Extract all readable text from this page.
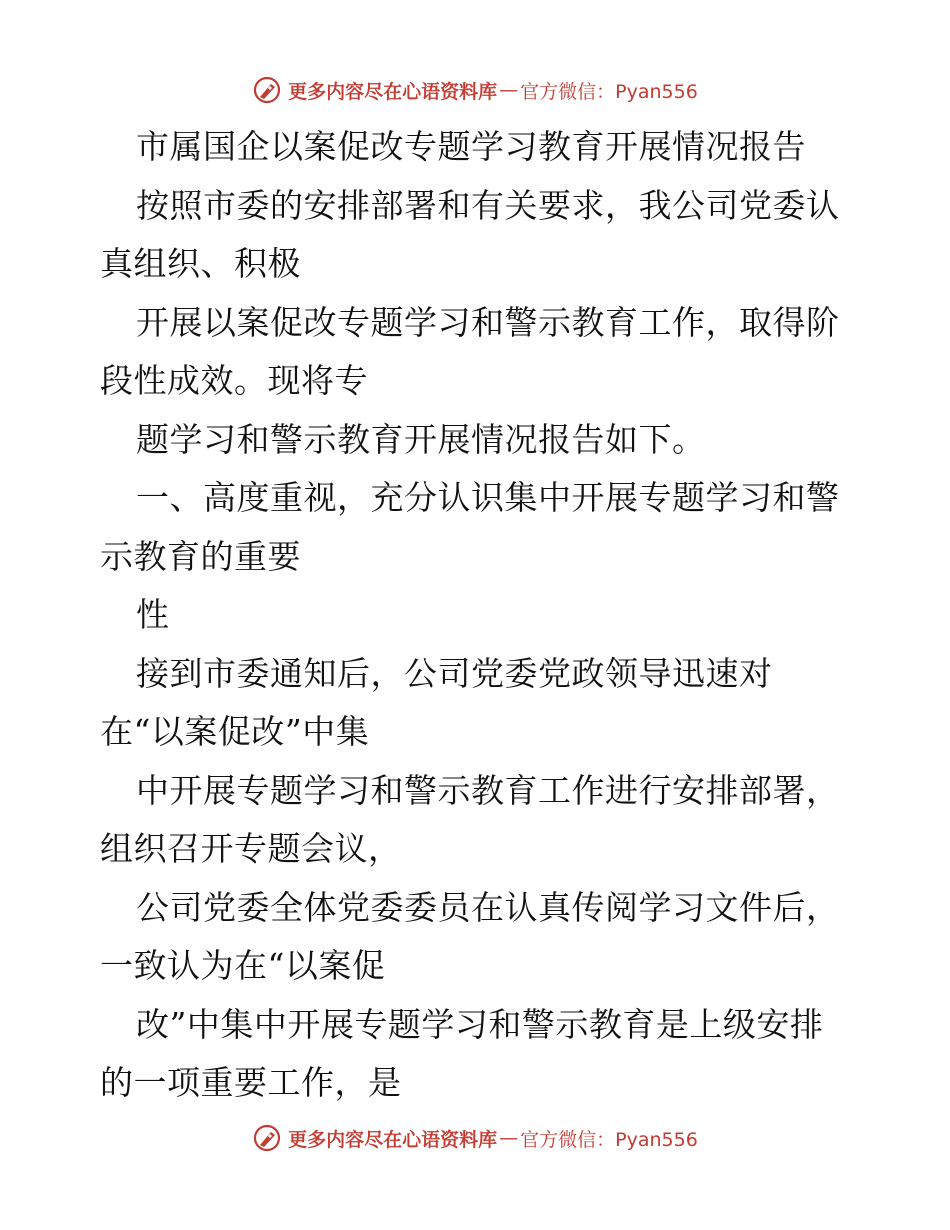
更多内容尽在心语资料库 — 官方微信：Pyan556
市属国企以案促改专题学习教育开展情况报告
按照市委的安排部署和有关要求，我公司党委认
真组织、积极
开展以案促改专题学习和警示教育工作，取得阶
段性成效。现将专
题学习和警示教育开展情况报告如下。
一、高度重视，充分认识集中开展专题学习和警
示教育的重要
性
接到市委通知后，公司党委党政领导迅速对
在“以案促改”中集
中开展专题学习和警示教育工作进行安排部署，
组织召开专题会议，
公司党委全体党委委员在认真传阅学习文件后，
一致认为在“以案促
改”中集中开展专题学习和警示教育是上级安排
的一项重要工作，是
更多内容尽在心语资料库 — 官方微信：Pyan556
